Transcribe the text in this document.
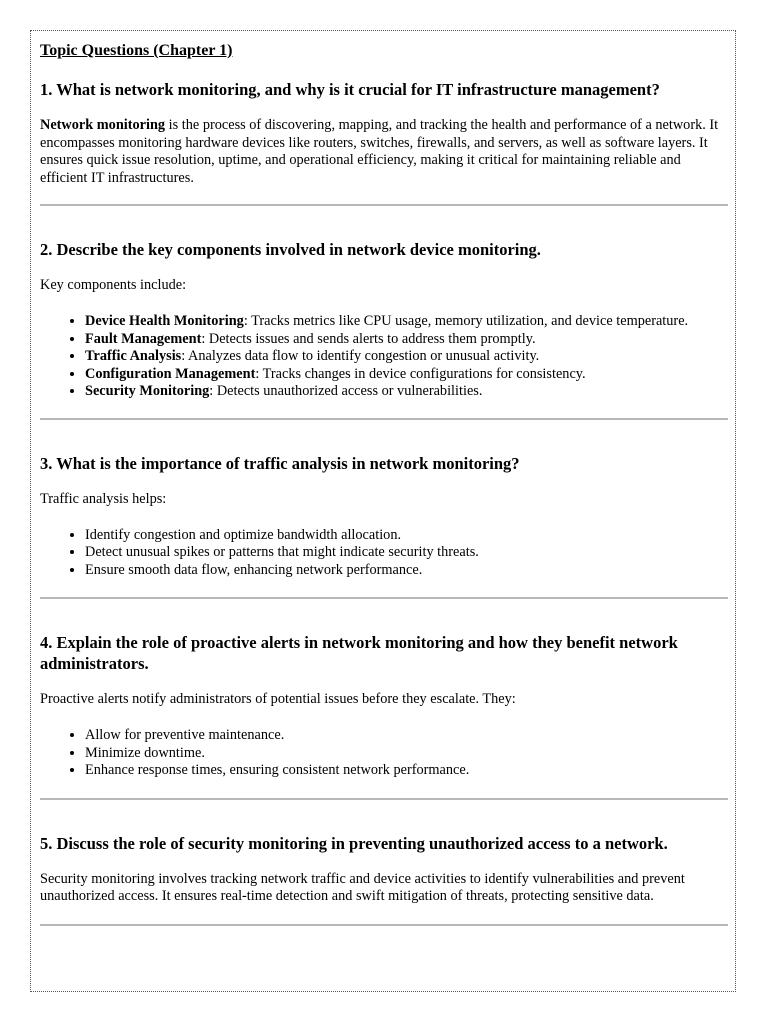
Topic Questions (Chapter 1)
1. What is network monitoring, and why is it crucial for IT infrastructure management?

Network monitoring is the process of discovering, mapping, and tracking the health and performance of a network. It encompasses monitoring hardware devices like routers, switches, firewalls, and servers, as well as software layers. It ensures quick issue resolution, uptime, and operational efficiency, making it critical for maintaining reliable and efficient IT infrastructures.

2. Describe the key components involved in network device monitoring.

Key components include:

• Device Health Monitoring: Tracks metrics like CPU usage, memory utilization, and device temperature.
• Fault Management: Detects issues and sends alerts to address them promptly.
• Traffic Analysis: Analyzes data flow to identify congestion or unusual activity.
• Configuration Management: Tracks changes in device configurations for consistency.
• Security Monitoring: Detects unauthorized access or vulnerabilities.
3. What is the importance of traffic analysis in network monitoring?

Traffic analysis helps:

• Identify congestion and optimize bandwidth allocation.
• Detect unusual spikes or patterns that might indicate security threats.
• Ensure smooth data flow, enhancing network performance.
4. Explain the role of proactive alerts in network monitoring and how they benefit network administrators.

Proactive alerts notify administrators of potential issues before they escalate. They:

• Allow for preventive maintenance.
• Minimize downtime.
• Enhance response times, ensuring consistent network performance.
5. Discuss the role of security monitoring in preventing unauthorized access to a network.

Security monitoring involves tracking network traffic and device activities to identify vulnerabilities and prevent unauthorized access. It ensures real-time detection and swift mitigation of threats, protecting sensitive data.
